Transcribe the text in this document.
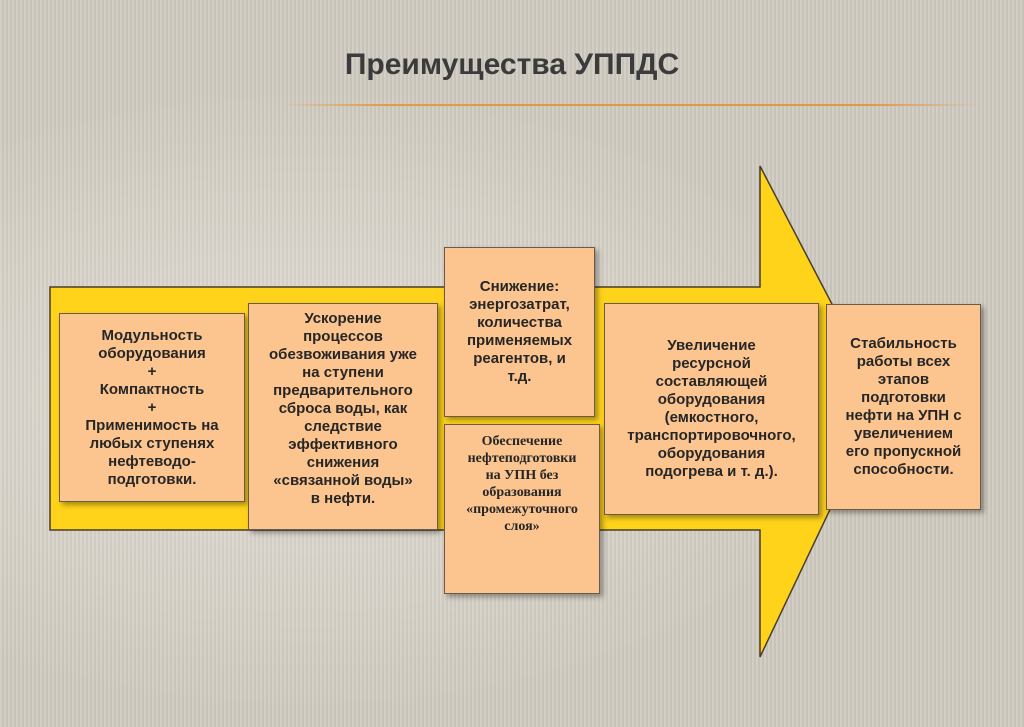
Преимущества УППДС
Модульность
оборудования
+
Компактность
+
Применимость на
любых ступенях
нефтеводо-
подготовки.
Ускорение
процессов
обезвоживания уже
на ступени
предварительного
сброса воды, как
следствие
эффективного
снижения
«связанной воды»
в нефти.
Снижение:
энергозатрат,
количества
применяемых
реагентов, и
т.д.
Обеспечение
нефтеподготовки
на УПН без
образования
«промежуточного
слоя»
Увеличение
ресурсной
составляющей
оборудования
(емкостного,
транспортировочного,
оборудования
подогрева и т. д.).
Стабильность
работы всех
этапов
подготовки
нефти на УПН с
увеличением
его пропускной
способности.
